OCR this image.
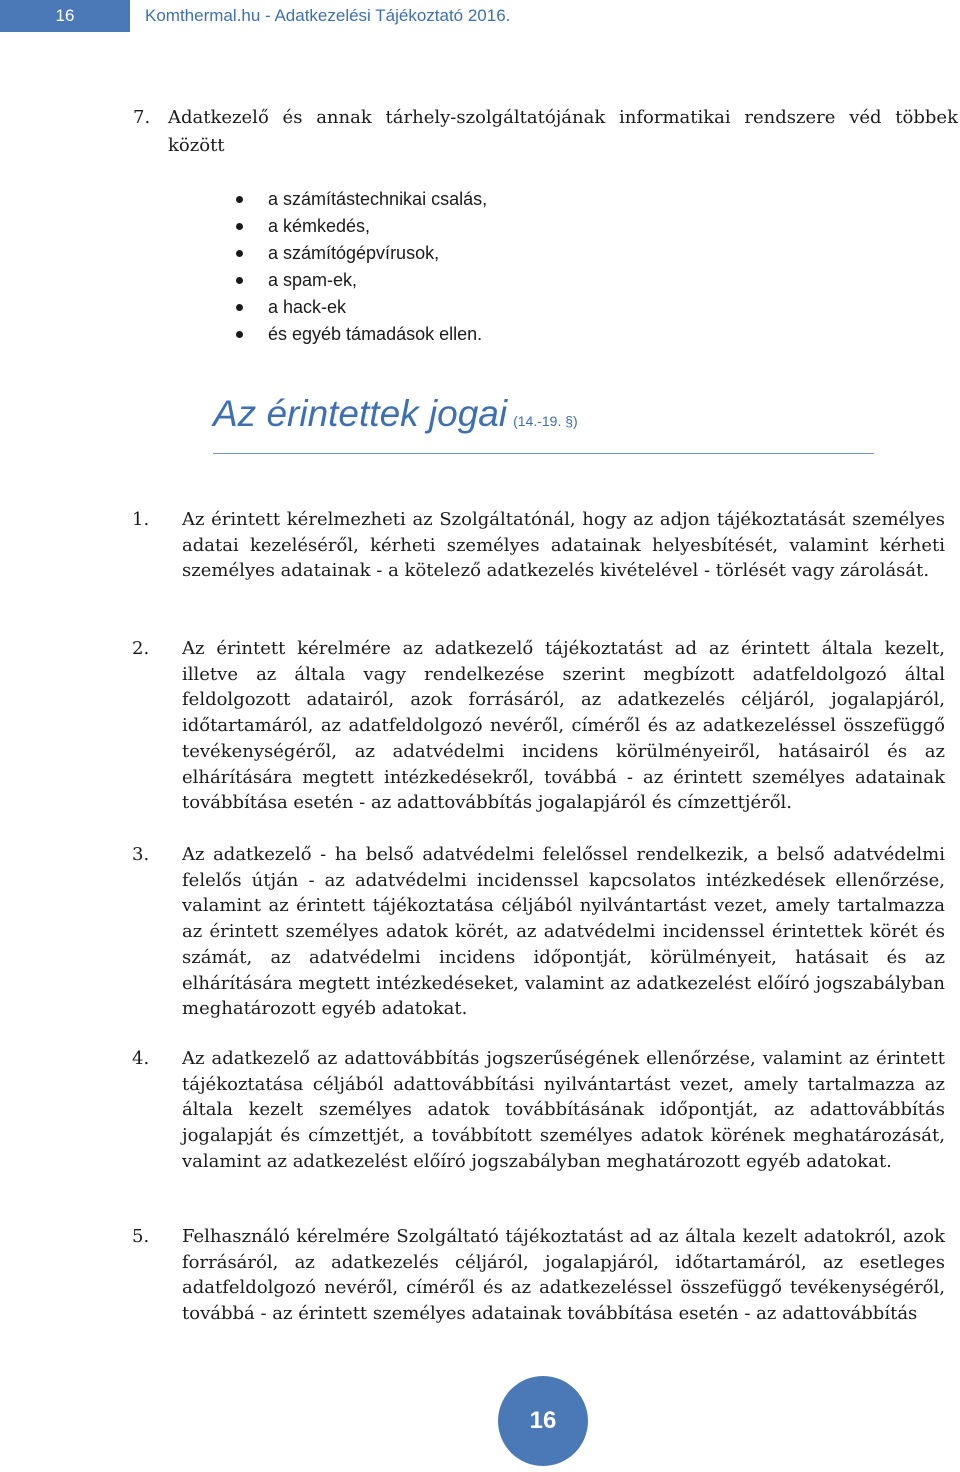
16	Komthermal.hu - Adatkezelési Tájékoztató 2016.
7. Adatkezelő és annak tárhely-szolgáltatójának informatikai rendszere véd többek között
a számítástechnikai csalás,
a kémkedés,
a számítógépvírusok,
a spam-ek,
a hack-ek
és egyéb támadások ellen.
Az érintettek jogai (14.-19. §)
1. Az érintett kérelmezheti az Szolgáltatónál, hogy az adjon tájékoztatását személyes adatai kezeléséről, kérheti személyes adatainak helyesbítését, valamint kérheti személyes adatainak - a kötelező adatkezelés kivételével - törlését vagy zárolását.
2. Az érintett kérelmére az adatkezelő tájékoztatást ad az érintett általa kezelt, illetve az általa vagy rendelkezése szerint megbízott adatfeldolgozó által feldolgozott adatairól, azok forrásáról, az adatkezelés céljáról, jogalapjáról, időtartamáról, az adatfeldolgozó nevéről, címéről és az adatkezeléssel összefüggő tevékenységéről, az adatvédelmi incidens körülményeiről, hatásairól és az elhárítására megtett intézkedésekről, továbbá - az érintett személyes adatainak továbbítása esetén - az adattovábbítás jogalapjáról és címzettjéről.
3. Az adatkezelő - ha belső adatvédelmi felelőssel rendelkezik, a belső adatvédelmi felelős útján - az adatvédelmi incidenssel kapcsolatos intézkedések ellenőrzése, valamint az érintett tájékoztatása céljából nyilvántartást vezet, amely tartalmazza az érintett személyes adatok körét, az adatvédelmi incidenssel érintettek körét és számát, az adatvédelmi incidens időpontját, körülményeit, hatásait és az elhárítására megtett intézkedéseket, valamint az adatkezelést előíró jogszabályban meghatározott egyéb adatokat.
4. Az adatkezelő az adattovábbítás jogszerűségének ellenőrzése, valamint az érintett tájékoztatása céljából adattovábbítási nyilvántartást vezet, amely tartalmazza az általa kezelt személyes adatok továbbításának időpontját, az adattovábbítás jogalapját és címzettjét, a továbbított személyes adatok körének meghatározását, valamint az adatkezelést előíró jogszabályban meghatározott egyéb adatokat.
5. Felhasználó kérelmére Szolgáltató tájékoztatást ad az általa kezelt adatokról, azok forrásáról, az adatkezelés céljáról, jogalapjáról, időtartamáról, az esetleges adatfeldolgozó nevéről, címéről és az adatkezeléssel összefüggő tevékenységéről, továbbá - az érintett személyes adatainak továbbítása esetén - az adattovábbítás
16
